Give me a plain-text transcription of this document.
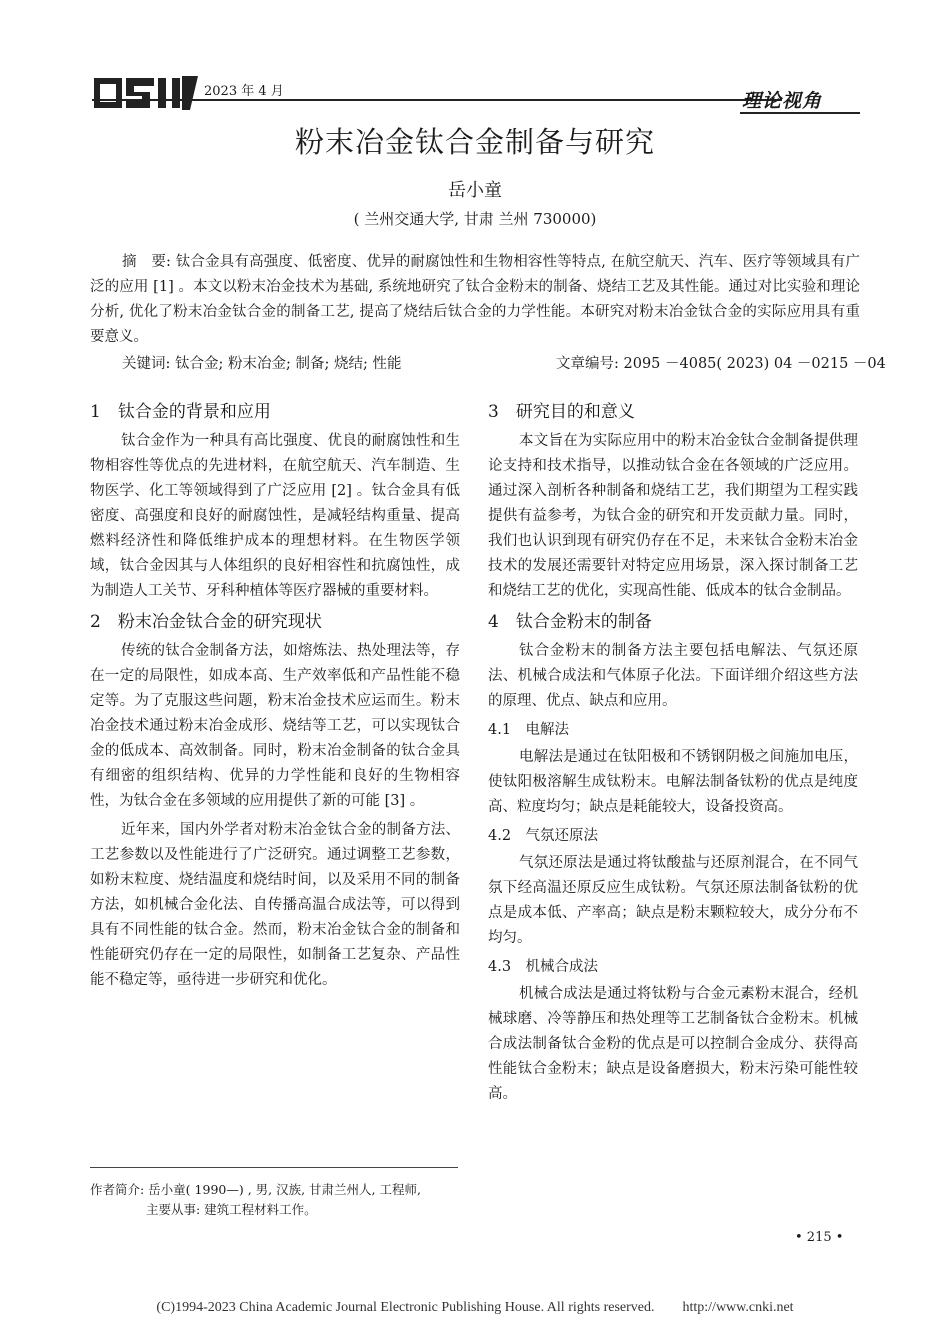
2023 年 4 月	理论视角
粉末冶金钛合金制备与研究
岳小童
( 兰州交通大学, 甘肃 兰州 730000)
摘　要: 钛合金具有高强度、低密度、优异的耐腐蚀性和生物相容性等特点, 在航空航天、汽车、医疗等领域具有广泛的应用 [1] 。本文以粉末冶金技术为基础, 系统地研究了钛合金粉末的制备、烧结工艺及其性能。通过对比实验和理论分析, 优化了粉末冶金钛合金的制备工艺, 提高了烧结后钛合金的力学性能。本研究对粉末冶金钛合金的实际应用具有重要意义。
关键词: 钛合金; 粉末冶金; 制备; 烧结; 性能	文章编号: 2095 －4085( 2023) 04 －0215 －04
1　钛合金的背景和应用

钛合金作为一种具有高比强度、优良的耐腐蚀性和生物相容性等优点的先进材料，在航空航天、汽车制造、生物医学、化工等领域得到了广泛应用 [2] 。钛合金具有低密度、高强度和良好的耐腐蚀性，是减轻结构重量、提高燃料经济性和降低维护成本的理想材料。在生物医学领域，钛合金因其与人体组织的良好相容性和抗腐蚀性，成为制造人工关节、牙科种植体等医疗器械的重要材料。

2　粉末冶金钛合金的研究现状

传统的钛合金制备方法，如熔炼法、热处理法等，存在一定的局限性，如成本高、生产效率低和产品性能不稳定等。为了克服这些问题，粉末冶金技术应运而生。粉末冶金技术通过粉末冶金成形、烧结等工艺，可以实现钛合金的低成本、高效制备。同时，粉末冶金制备的钛合金具有细密的组织结构、优异的力学性能和良好的生物相容性，为钛合金在多领域的应用提供了新的可能 [3] 。

近年来，国内外学者对粉末冶金钛合金的制备方法、工艺参数以及性能进行了广泛研究。通过调整工艺参数，如粉末粒度、烧结温度和烧结时间，以及采用不同的制备方法，如机械合金化法、自传播高温合成法等，可以得到具有不同性能的钛合金。然而，粉末冶金钛合金的制备和性能研究仍存在一定的局限性，如制备工艺复杂、产品性能不稳定等，亟待进一步研究和优化。

3　研究目的和意义

本文旨在为实际应用中的粉末冶金钛合金制备提供理论支持和技术指导，以推动钛合金在各领域的广泛应用。通过深入剖析各种制备和烧结工艺，我们期望为工程实践提供有益参考，为钛合金的研究和开发贡献力量。同时，我们也认识到现有研究仍存在不足，未来钛合金粉末冶金技术的发展还需要针对特定应用场景，深入探讨制备工艺和烧结工艺的优化，实现高性能、低成本的钛合金制品。

4　钛合金粉末的制备

钛合金粉末的制备方法主要包括电解法、气氛还原法、机械合成法和气体原子化法。下面详细介绍这些方法的原理、优点、缺点和应用。

4.1　电解法

电解法是通过在钛阳极和不锈钢阴极之间施加电压，使钛阳极溶解生成钛粉末。电解法制备钛粉的优点是纯度高、粒度均匀；缺点是耗能较大，设备投资高。

4.2　气氛还原法

气氛还原法是通过将钛酸盐与还原剂混合，在不同气氛下经高温还原反应生成钛粉。气氛还原法制备钛粉的优点是成本低、产率高；缺点是粉末颗粒较大，成分分布不均匀。

4.3　机械合成法

机械合成法是通过将钛粉与合金元素粉末混合，经机械球磨、冷等静压和热处理等工艺制备钛合金粉末。机械合成法制备钛合金粉的优点是可以控制合金成分、获得高性能钛合金粉末；缺点是设备磨损大，粉末污染可能性较高。

作者简介: 岳小童( 1990—) , 男, 汉族, 甘肃兰州人, 工程师,
主要从事: 建筑工程材料工作。
• 215 •
(C)1994-2023 China Academic Journal Electronic Publishing House. All rights reserved.　　http://www.cnki.net
